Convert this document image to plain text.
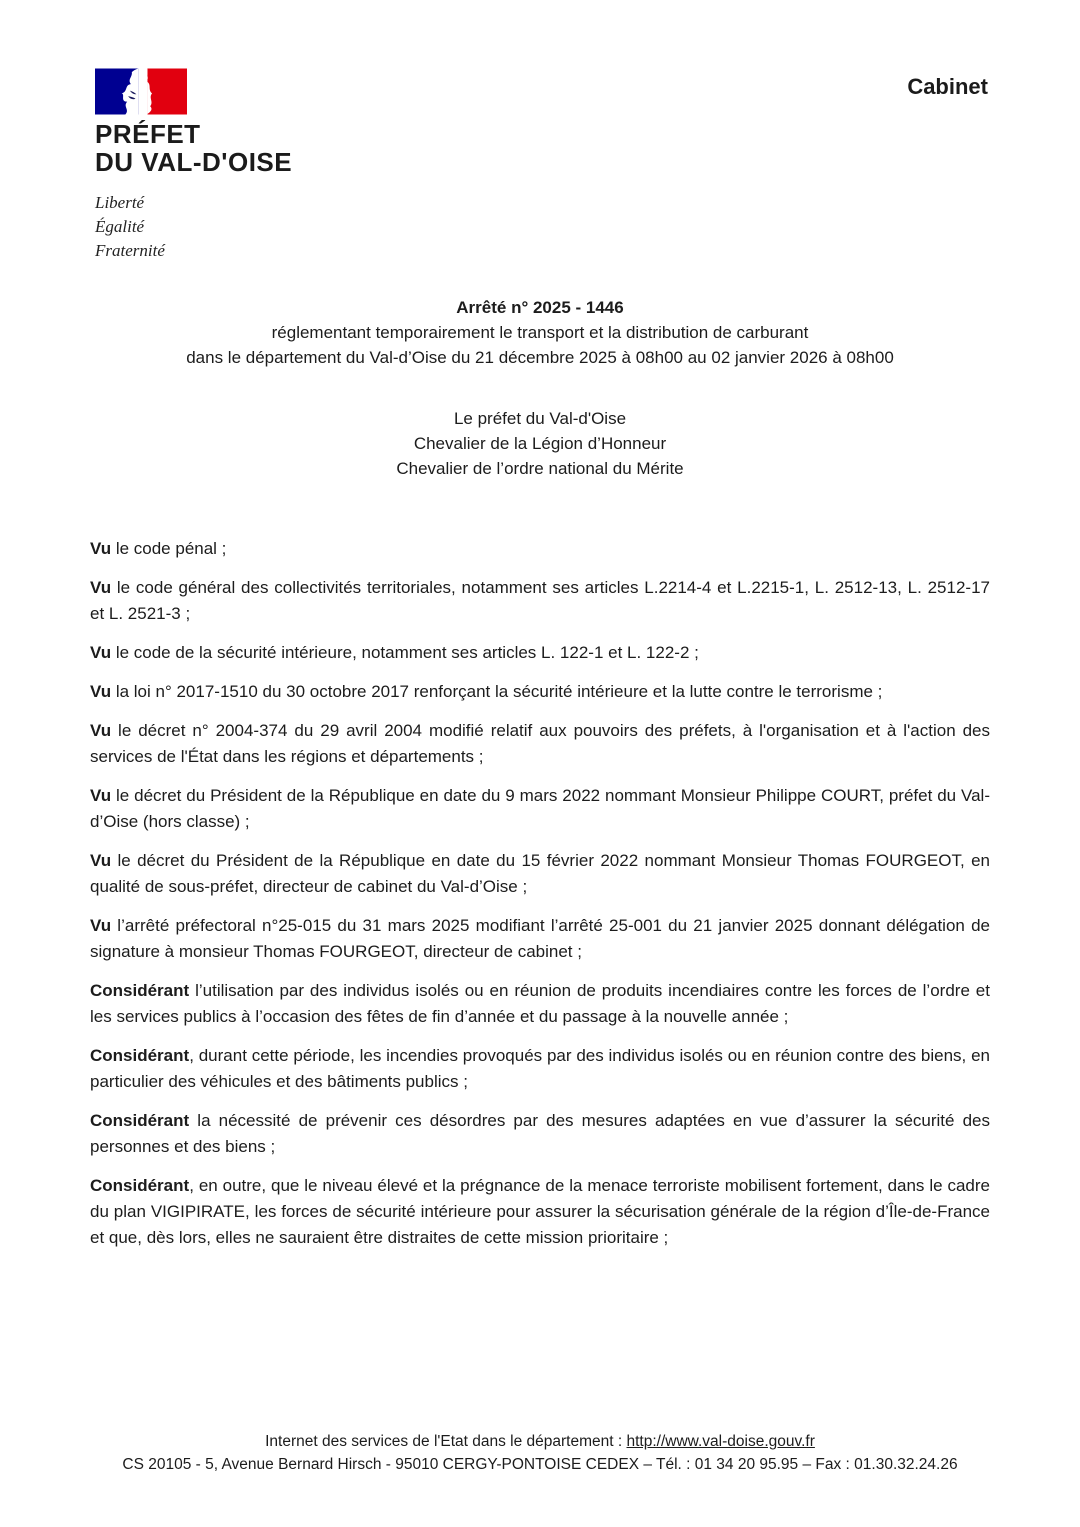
PRÉFET
DU VAL-D'OISE
Liberté
Égalité
Fraternité
Cabinet
Arrêté n° 2025 - 1446
réglementant temporairement le transport et la distribution de carburant
dans le département du Val-d’Oise du 21 décembre 2025 à 08h00 au 02 janvier 2026 à 08h00
Le préfet du Val-d'Oise
Chevalier de la Légion d’Honneur
Chevalier de l’ordre national du Mérite

Vu le code pénal ;

Vu le code général des collectivités territoriales, notamment ses articles L.2214-4 et L.2215-1, L. 2512-13, L. 2512-17 et L. 2521-3 ;

Vu le code de la sécurité intérieure, notamment ses articles L. 122-1 et L. 122-2 ;

Vu la loi n° 2017-1510 du 30 octobre 2017 renforçant la sécurité intérieure et la lutte contre le terrorisme ;

Vu le décret n° 2004-374 du 29 avril 2004 modifié relatif aux pouvoirs des préfets, à l'organisation et à l'action des services de l'État dans les régions et départements ;

Vu le décret du Président de la République en date du 9 mars 2022 nommant Monsieur Philippe COURT, préfet du Val-d’Oise (hors classe) ;

Vu le décret du Président de la République en date du 15 février 2022 nommant Monsieur Thomas FOURGEOT, en qualité de sous-préfet, directeur de cabinet du Val-d’Oise ;

Vu l’arrêté préfectoral n°25-015 du 31 mars 2025 modifiant l’arrêté 25-001 du 21 janvier 2025 donnant délégation de signature à monsieur Thomas FOURGEOT, directeur de cabinet ;

Considérant l’utilisation par des individus isolés ou en réunion de produits incendiaires contre les forces de l’ordre et les services publics à l’occasion des fêtes de fin d’année et du passage à la nouvelle année ;

Considérant, durant cette période, les incendies provoqués par des individus isolés ou en réunion contre des biens, en particulier des véhicules et des bâtiments publics ;

Considérant la nécessité de prévenir ces désordres par des mesures adaptées en vue d’assurer la sécurité des personnes et des biens ;

Considérant, en outre, que le niveau élevé et la prégnance de la menace terroriste mobilisent fortement, dans le cadre du plan VIGIPIRATE, les forces de sécurité intérieure pour assurer la sécurisation générale de la région d’Île-de-France et que, dès lors, elles ne sauraient être distraites de cette mission prioritaire ;

Internet des services de l'Etat dans le département : http://www.val-doise.gouv.fr
CS 20105 - 5, Avenue Bernard Hirsch - 95010 CERGY-PONTOISE CEDEX – Tél. : 01 34 20 95.95 – Fax : 01.30.32.24.26
